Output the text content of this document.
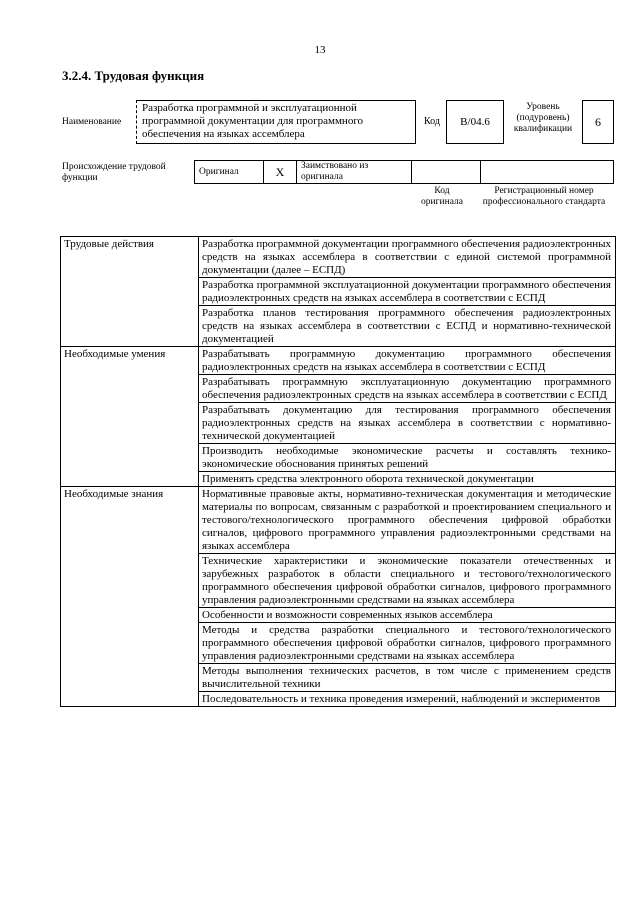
13
3.2.4. Трудовая функция
Наименование
Разработка программной и эксплуатационной программной документации для программного обеспечения на языках ассемблера
Код	B/04.6
Уровень (подуровень) квалификации
6
Происхождение трудовой функции
Оригинал	X	Заимствовано из оригинала		
Код оригинала
Регистрационный номер профессионального стандарта
Трудовые действия	Разработка программной документации программного обеспечения радиоэлектронных средств на языках ассемблера в соответствии с единой системой программной документации (далее – ЕСПД)
	Разработка программной эксплуатационной документации программного обеспечения радиоэлектронных средств на языках ассемблера в соответствии с ЕСПД
	Разработка планов тестирования программного обеспечения радиоэлектронных средств на языках ассемблера в соответствии с ЕСПД и нормативно-технической документацией
Необходимые умения	Разрабатывать программную документацию программного обеспечения радиоэлектронных средств на языках ассемблера в соответствии с ЕСПД
	Разрабатывать программную эксплуатационную документацию программного обеспечения радиоэлектронных средств на языках ассемблера в соответствии с ЕСПД
	Разрабатывать документацию для тестирования программного обеспечения радиоэлектронных средств на языках ассемблера в соответствии с нормативно-технической документацией
	Производить необходимые экономические расчеты и составлять технико-экономические обоснования принятых решений
	Применять средства электронного оборота технической документации
Необходимые знания	Нормативные правовые акты, нормативно-техническая документация и методические материалы по вопросам, связанным с разработкой и проектированием специального и тестового/технологического программного обеспечения цифровой обработки сигналов, цифрового программного управления радиоэлектронными средствами на языках ассемблера
	Технические характеристики и экономические показатели отечественных и зарубежных разработок в области специального и тестового/технологического программного обеспечения цифровой обработки сигналов, цифрового программного управления радиоэлектронными средствами на языках ассемблера
	Особенности и возможности современных языков ассемблера
	Методы и средства разработки специального и тестового/технологического программного обеспечения цифровой обработки сигналов, цифрового программного управления радиоэлектронными средствами на языках ассемблера
	Методы выполнения технических расчетов, в том числе с применением средств вычислительной техники
	Последовательность и техника проведения измерений, наблюдений и экспериментов
